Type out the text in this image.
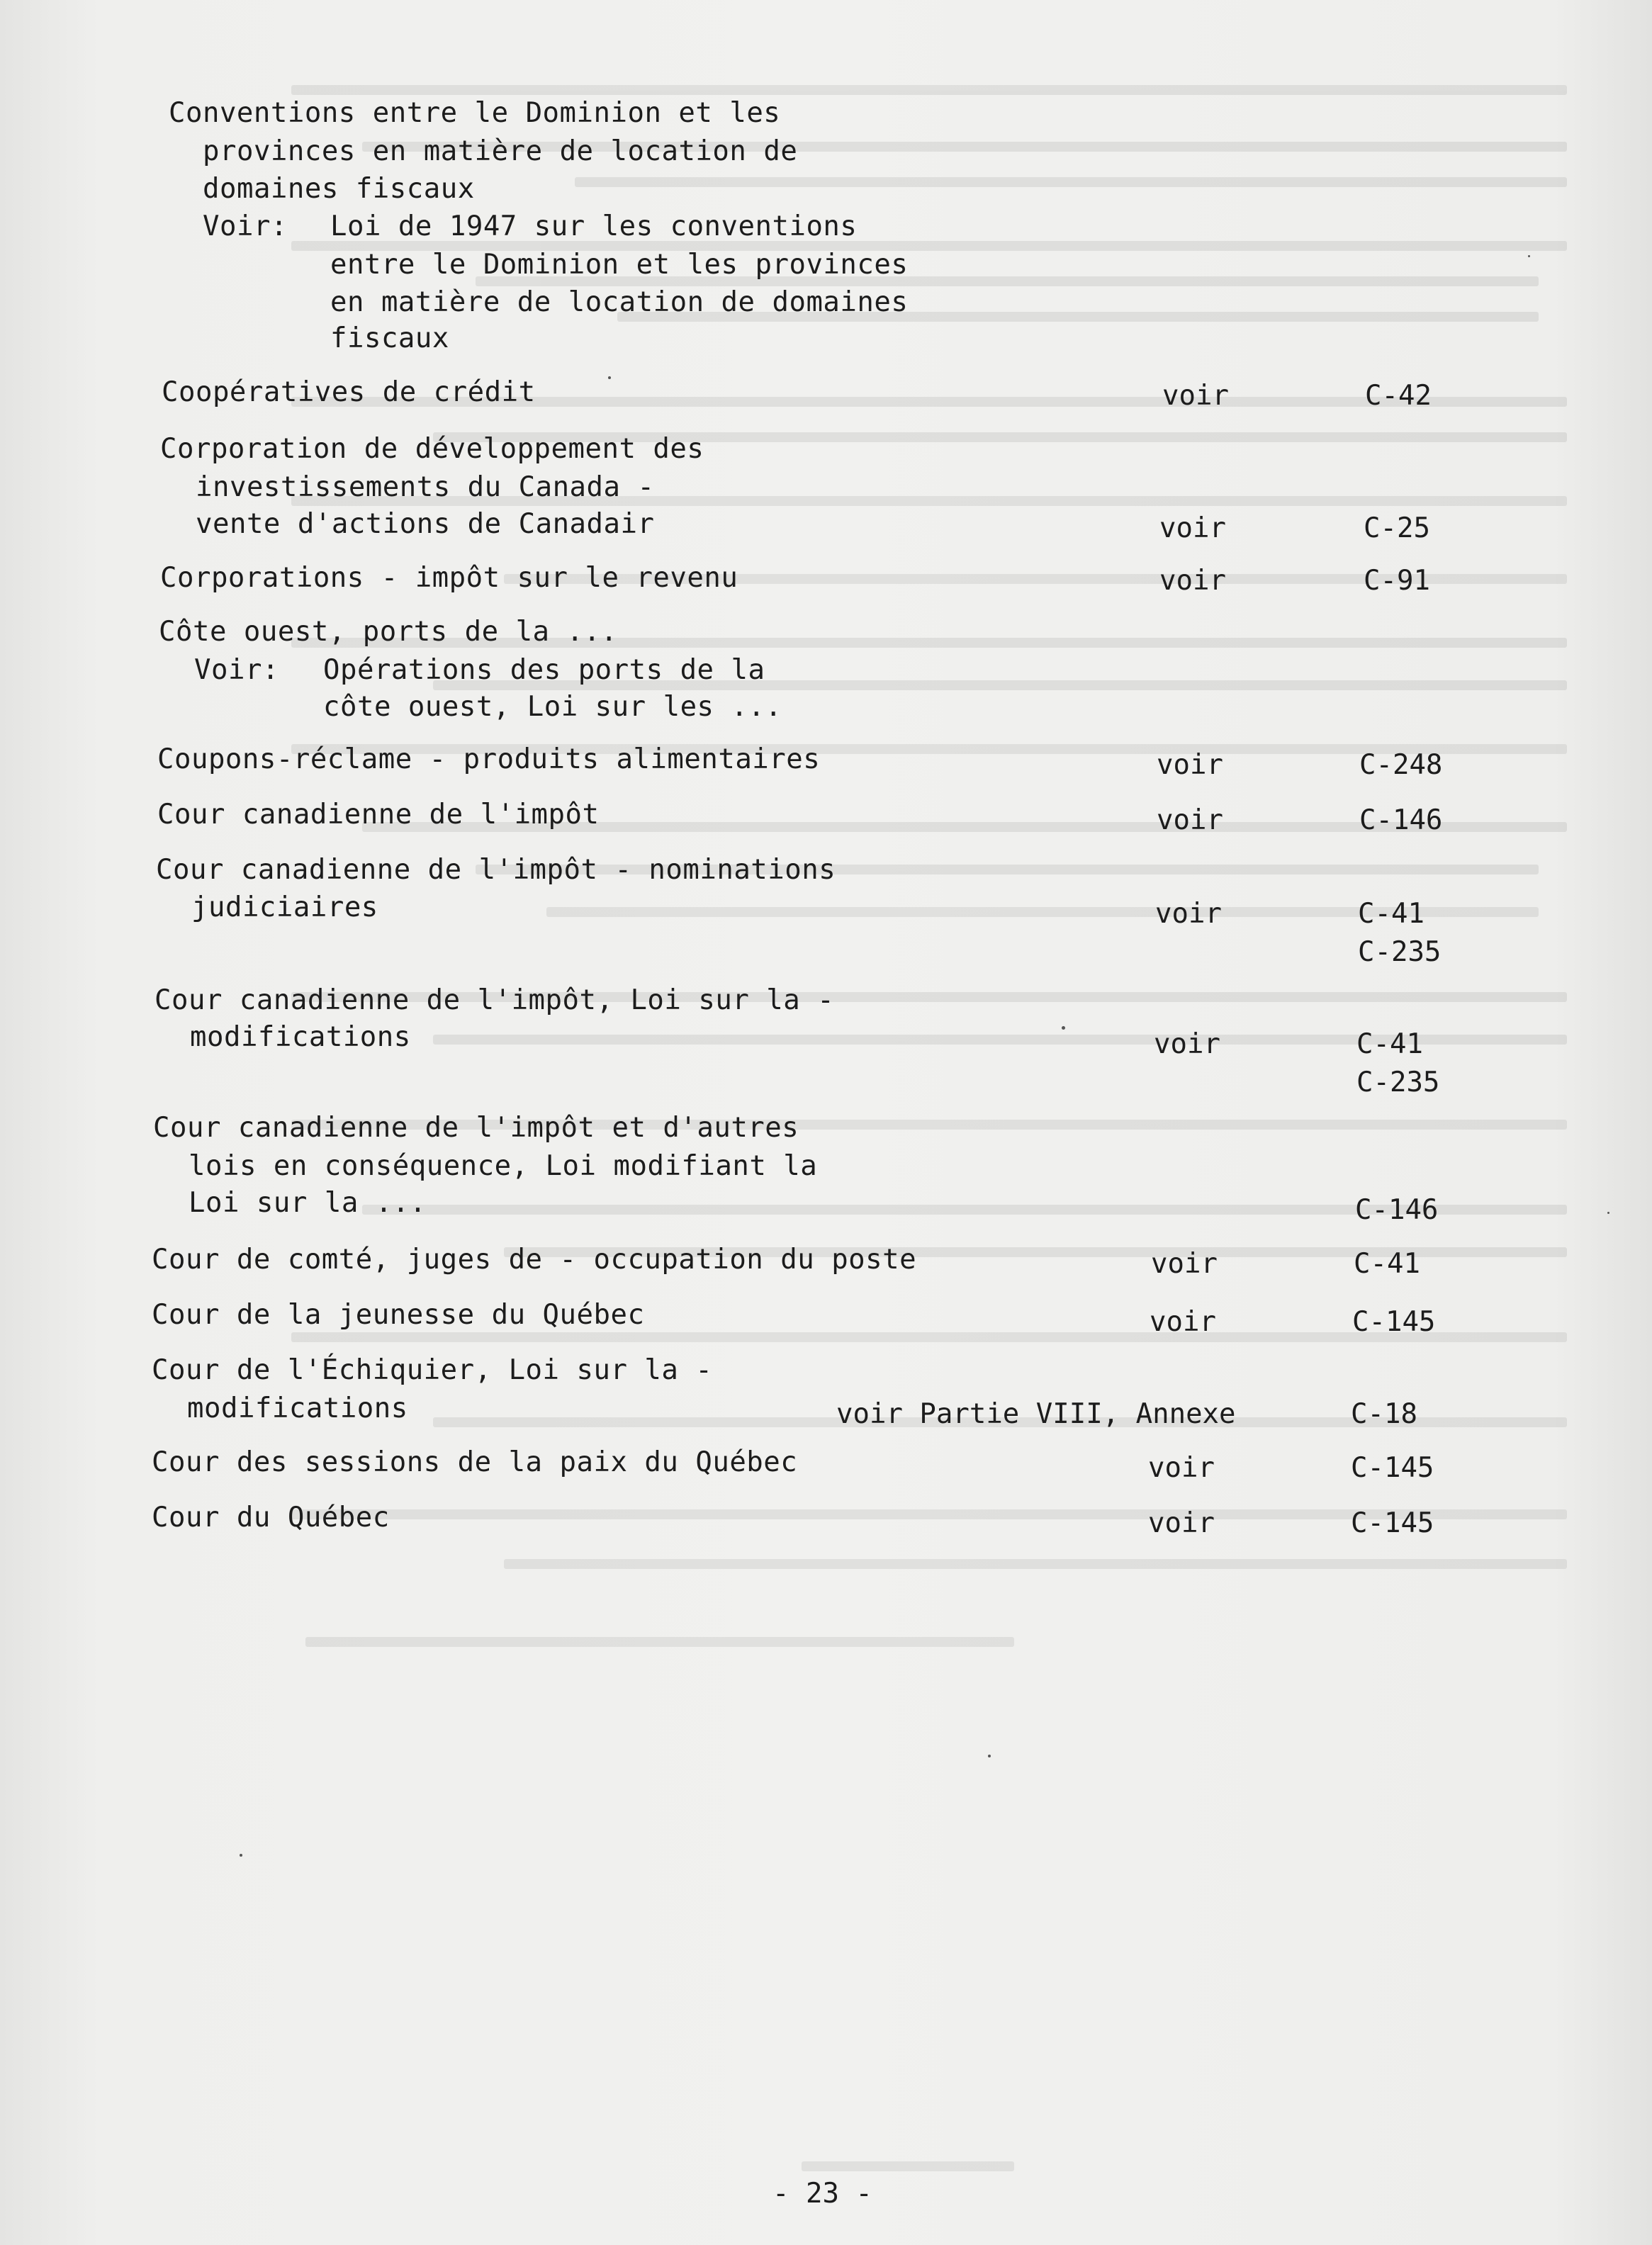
Conventions entre le Dominion et les
provinces en matière de location de
domaines fiscaux
Voir: Loi de 1947 sur les conventions
entre le Dominion et les provinces
en matière de location de domaines
fiscaux
Coopératives de crédit	voir	C-42
Corporation de développement des
investissements du Canada -
vente d'actions de Canadair	voir	C-25
Corporations - impôt sur le revenu	voir	C-91
Côte ouest, ports de la ...
Voir: Opérations des ports de la
côte ouest, Loi sur les ...
Coupons-réclame - produits alimentaires	voir	C-248
Cour canadienne de l'impôt	voir	C-146
Cour canadienne de l'impôt - nominations
judiciaires	voir	C-41
C-235
Cour canadienne de l'impôt, Loi sur la -
modifications	voir	C-41
C-235
Cour canadienne de l'impôt et d'autres
lois en conséquence, Loi modifiant la
Loi sur la ...	C-146
Cour de comté, juges de - occupation du poste	voir	C-41
Cour de la jeunesse du Québec	voir	C-145
Cour de l'Échiquier, Loi sur la -
modifications	voir Partie VIII, Annexe	C-18
Cour des sessions de la paix du Québec	voir	C-145
Cour du Québec	voir	C-145
- 23 -
